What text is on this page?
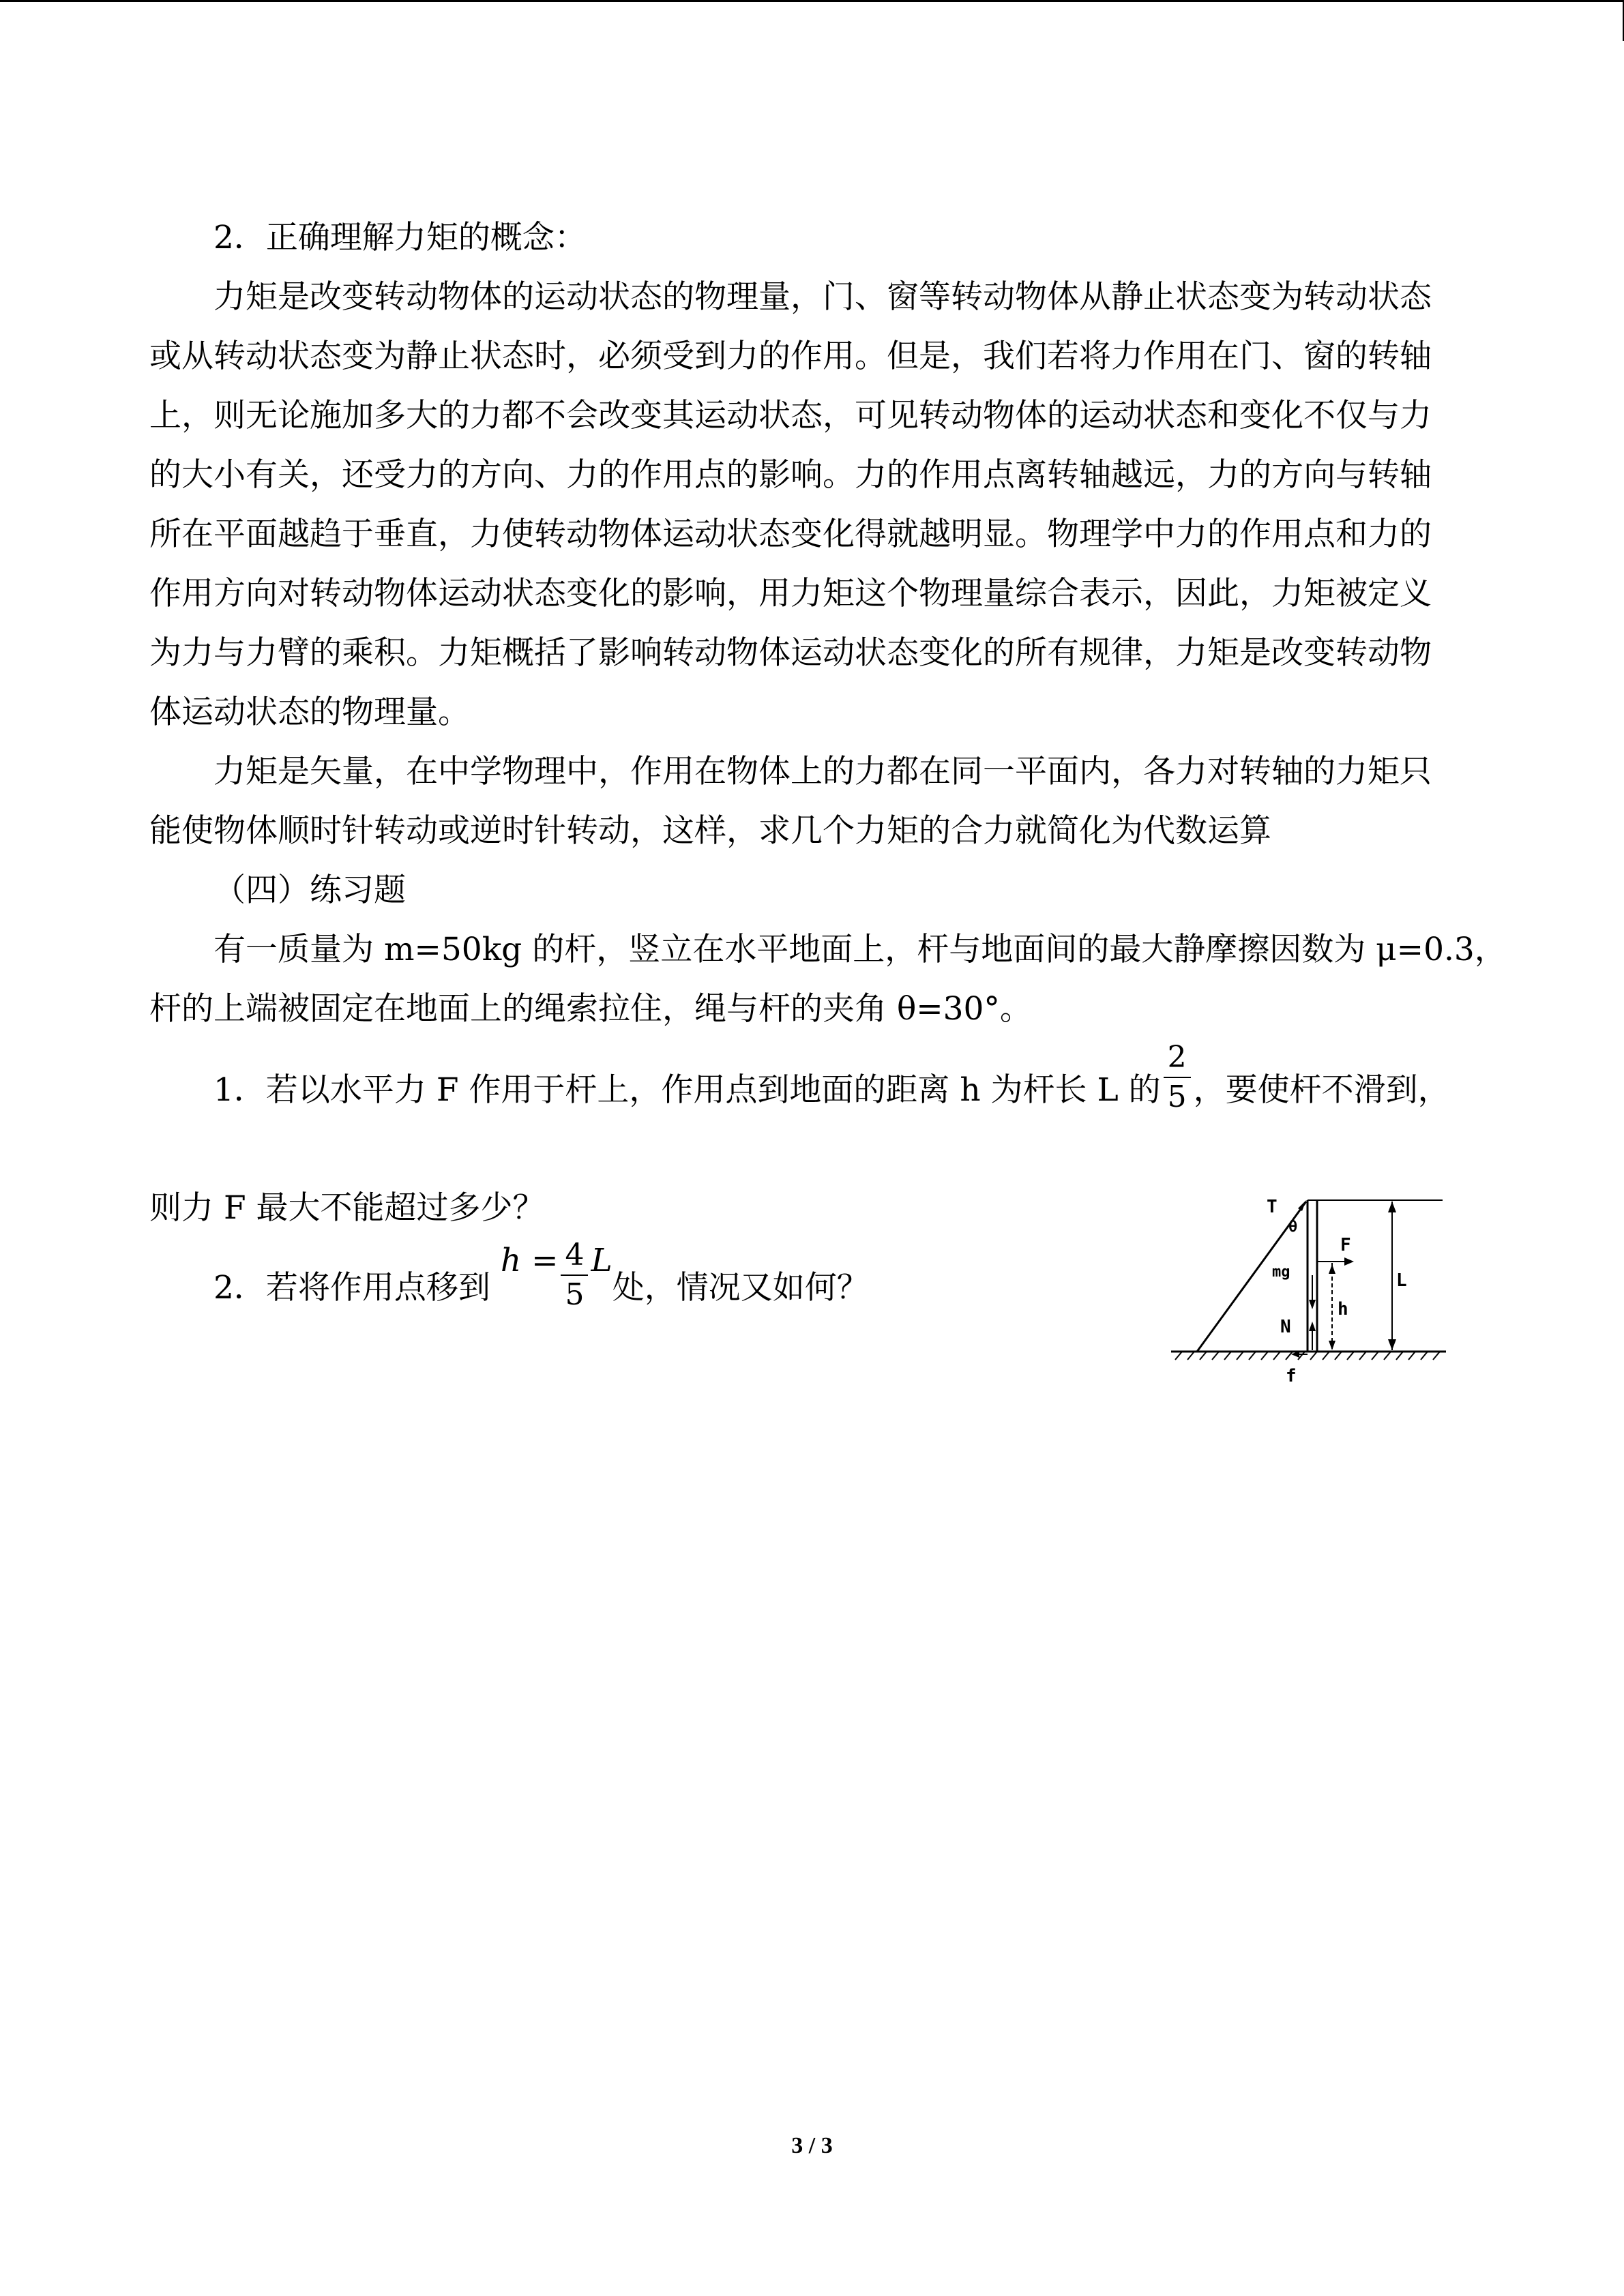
2．正确理解力矩的概念：
力矩是改变转动物体的运动状态的物理量，门、窗等转动物体从静止状态变为转动状态
或从转动状态变为静止状态时，必须受到力的作用。但是，我们若将力作用在门、窗的转轴
上，则无论施加多大的力都不会改变其运动状态，可见转动物体的运动状态和变化不仅与力
的大小有关，还受力的方向、力的作用点的影响。力的作用点离转轴越远，力的方向与转轴
所在平面越趋于垂直，力使转动物体运动状态变化得就越明显。物理学中力的作用点和力的
作用方向对转动物体运动状态变化的影响，用力矩这个物理量综合表示，因此，力矩被定义
为力与力臂的乘积。力矩概括了影响转动物体运动状态变化的所有规律，力矩是改变转动物
体运动状态的物理量。
力矩是矢量，在中学物理中，作用在物体上的力都在同一平面内，各力对转轴的力矩只
能使物体顺时针转动或逆时针转动，这样，求几个力矩的合力就简化为代数运算
（四）练习题
有一质量为 m=50kg 的杆，竖立在水平地面上，杆与地面间的最大静摩擦因数为 μ=0.3，
杆的上端被固定在地面上的绳索拉住，绳与杆的夹角 θ=30°。
1．若以水平力 F 作用于杆上，作用点到地面的距离 h 为杆长 L 的 $\frac{2}{5}$ ，要使杆不滑到，
则力 F 最大不能超过多少？
2．若将作用点移到 $h = \frac{4}{5}$ L处，情况又如何？
T
θ
F
mg	L
h
N
f
3 / 3
